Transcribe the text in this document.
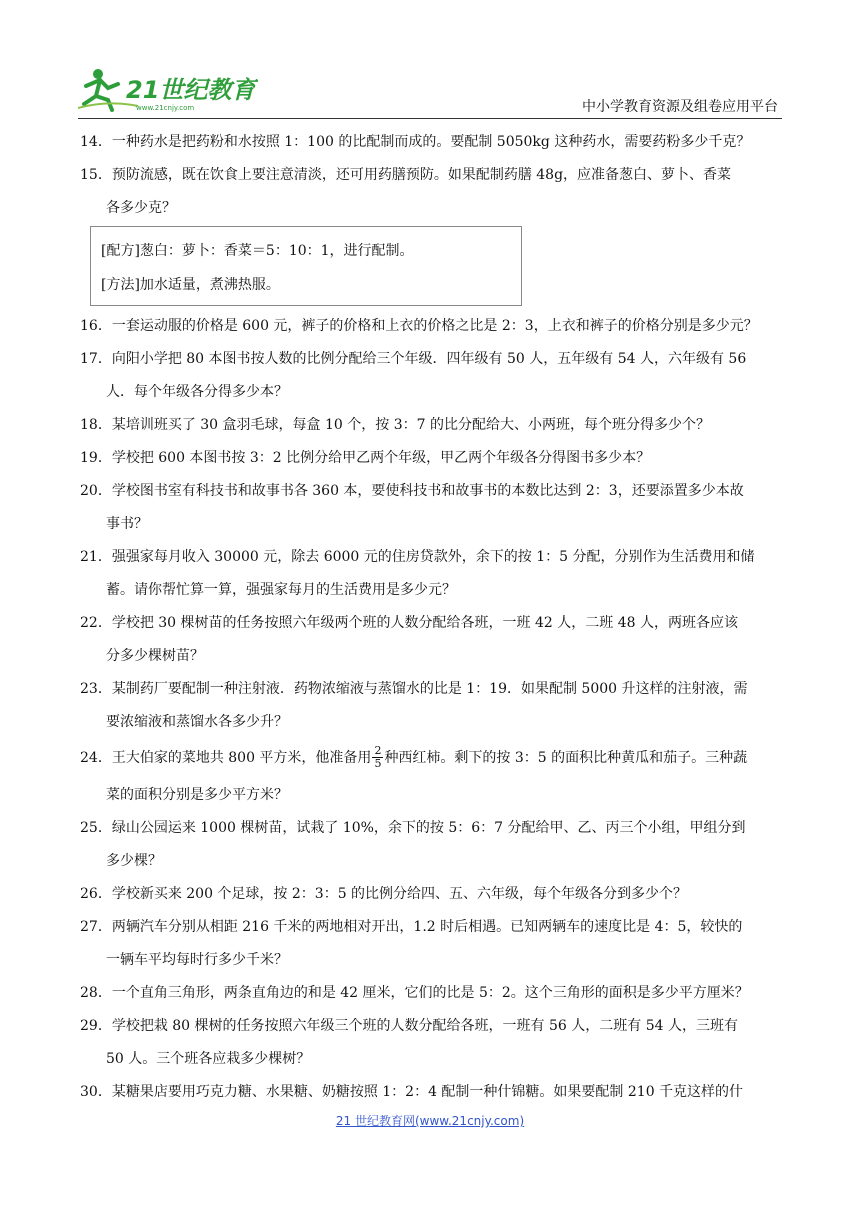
21世纪教育
www.21cnjy.com	中小学教育资源及组卷应用平台
14．一种药水是把药粉和水按照 1：100 的比配制而成的。要配制 5050kg 这种药水，需要药粉多少千克？
15．预防流感，既在饮食上要注意清淡，还可用药膳预防。如果配制药膳 48g，应准备葱白、萝卜、香菜
各多少克？
[配方]葱白：萝卜：香菜＝5：10：1，进行配制。
[方法]加水适量，煮沸热服。
16．一套运动服的价格是 600 元，裤子的价格和上衣的价格之比是 2：3，上衣和裤子的价格分别是多少元？
17．向阳小学把 80 本图书按人数的比例分配给三个年级．四年级有 50 人，五年级有 54 人，六年级有 56
人．每个年级各分得多少本？
18．某培训班买了 30 盒羽毛球，每盒 10 个，按 3：7 的比分配给大、小两班，每个班分得多少个？
19．学校把 600 本图书按 3：2 比例分给甲乙两个年级，甲乙两个年级各分得图书多少本？
20．学校图书室有科技书和故事书各 360 本，要使科技书和故事书的本数比达到 2：3，还要添置多少本故
事书？
21．强强家每月收入 30000 元，除去 6000 元的住房贷款外，余下的按 1：5 分配，分别作为生活费用和储
蓄。请你帮忙算一算，强强家每月的生活费用是多少元？
22．学校把 30 棵树苗的任务按照六年级两个班的人数分配给各班，一班 42 人，二班 48 人，两班各应该
分多少棵树苗？
23．某制药厂要配制一种注射液．药物浓缩液与蒸馏水的比是 1：19．如果配制 5000 升这样的注射液，需
要浓缩液和蒸馏水各多少升？
24．王大伯家的菜地共 800 平方米，他准备用 $\frac{2}{5}$ 种西红柿。剩下的按 3：5 的面积比种黄瓜和茄子。三种蔬
菜的面积分别是多少平方米？
25．绿山公园运来 1000 棵树苗，试栽了 10%，余下的按 5：6：7 分配给甲、乙、丙三个小组，甲组分到
多少棵？
26．学校新买来 200 个足球，按 2：3：5 的比例分给四、五、六年级，每个年级各分到多少个？
27．两辆汽车分别从相距 216 千米的两地相对开出，1.2 时后相遇。已知两辆车的速度比是 4：5，较快的
一辆车平均每时行多少千米？
28．一个直角三角形，两条直角边的和是 42 厘米，它们的比是 5：2。这个三角形的面积是多少平方厘米？
29．学校把栽 80 棵树的任务按照六年级三个班的人数分配给各班，一班有 56 人，二班有 54 人，三班有
50 人。三个班各应栽多少棵树？
30．某糖果店要用巧克力糖、水果糖、奶糖按照 1：2：4 配制一种什锦糖。如果要配制 210 千克这样的什
21 世纪教育网(www.21cnjy.com)
